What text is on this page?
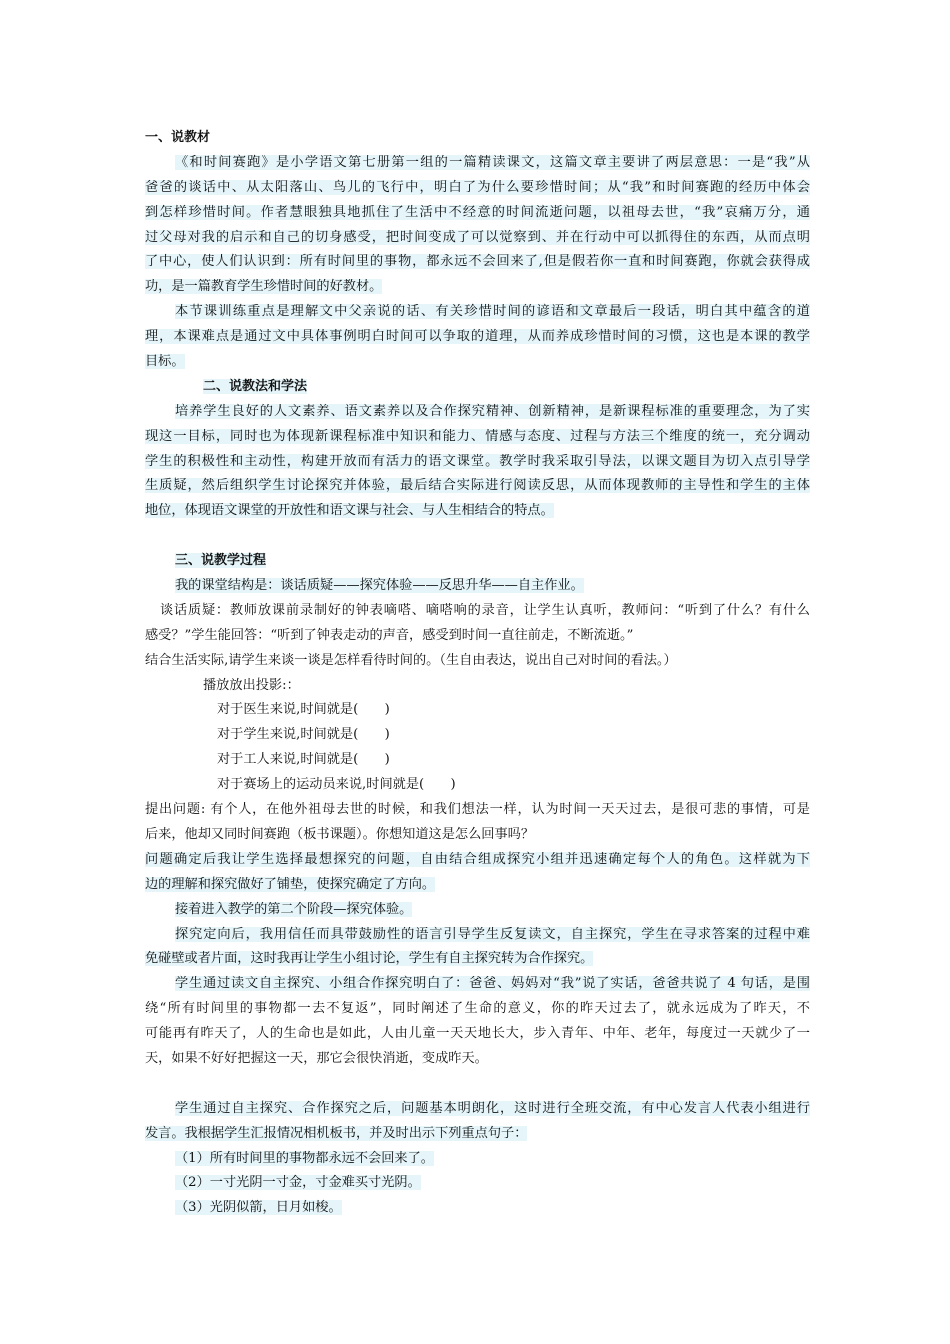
一、说教材
《和时间赛跑》是小学语文第七册第一组的一篇精读课文，这篇文章主要讲了两层意思：一是“我”从
爸爸的谈话中、从太阳落山、鸟儿的飞行中，明白了为什么要珍惜时间；从“我”和时间赛跑的经历中体会
到怎样珍惜时间。作者慧眼独具地抓住了生活中不经意的时间流逝问题，以祖母去世，“我”哀痛万分，通
过父母对我的启示和自己的切身感受，把时间变成了可以觉察到、并在行动中可以抓得住的东西，从而点明
了中心，使人们认识到：所有时间里的事物，都永远不会回来了,但是假若你一直和时间赛跑，你就会获得成
功，是一篇教育学生珍惜时间的好教材。
本节课训练重点是理解文中父亲说的话、有关珍惜时间的谚语和文章最后一段话，明白其中蕴含的道
理，本课难点是通过文中具体事例明白时间可以争取的道理，从而养成珍惜时间的习惯，这也是本课的教学
目标。
二、说教法和学法
培养学生良好的人文素养、语文素养以及合作探究精神、创新精神，是新课程标准的重要理念，为了实
现这一目标，同时也为体现新课程标准中知识和能力、情感与态度、过程与方法三个维度的统一，充分调动
学生的积极性和主动性，构建开放而有活力的语文课堂。教学时我采取引导法，以课文题目为切入点引导学
生质疑，然后组织学生讨论探究并体验，最后结合实际进行阅读反思，从而体现教师的主导性和学生的主体
地位，体现语文课堂的开放性和语文课与社会、与人生相结合的特点。
三、说教学过程
我的课堂结构是：谈话质疑——探究体验——反思升华——自主作业。
谈话质疑：教师放课前录制好的钟表嘀嗒、嘀嗒响的录音，让学生认真听，教师问：“听到了什么？有什么
感受？”学生能回答：“听到了钟表走动的声音，感受到时间一直往前走，不断流逝。”
结合生活实际,请学生来谈一谈是怎样看待时间的。（生自由表达，说出自己对时间的看法。）
播放放出投影:：
对于医生来说,时间就是(　　)
对于学生来说,时间就是(　　)
对于工人来说,时间就是(　　)
对于赛场上的运动员来说,时间就是(　　)
提出问题: 有个人，在他外祖母去世的时候，和我们想法一样，认为时间一天天过去，是很可悲的事情，可是
后来，他却又同时间赛跑（板书课题）。你想知道这是怎么回事吗？
问题确定后我让学生选择最想探究的问题，自由结合组成探究小组并迅速确定每个人的角色。这样就为下
边的理解和探究做好了铺垫，使探究确定了方向。
接着进入教学的第二个阶段—探究体验。
探究定向后，我用信任而具带鼓励性的语言引导学生反复读文，自主探究，学生在寻求答案的过程中难
免碰壁或者片面，这时我再让学生小组讨论，学生有自主探究转为合作探究。
学生通过读文自主探究、小组合作探究明白了：爸爸、妈妈对“我”说了实话，爸爸共说了 4 句话，是围
绕“所有时间里的事物都一去不复返”，同时阐述了生命的意义，你的昨天过去了，就永远成为了昨天，不
可能再有昨天了，人的生命也是如此，人由儿童一天天地长大，步入青年、中年、老年，每度过一天就少了一
天，如果不好好把握这一天，那它会很快消逝，变成昨天。
学生通过自主探究、合作探究之后，问题基本明朗化，这时进行全班交流，有中心发言人代表小组进行
发言。我根据学生汇报情况相机板书，并及时出示下列重点句子：
（1）所有时间里的事物都永远不会回来了。
（2）一寸光阴一寸金，寸金难买寸光阴。
（3）光阴似箭，日月如梭。
